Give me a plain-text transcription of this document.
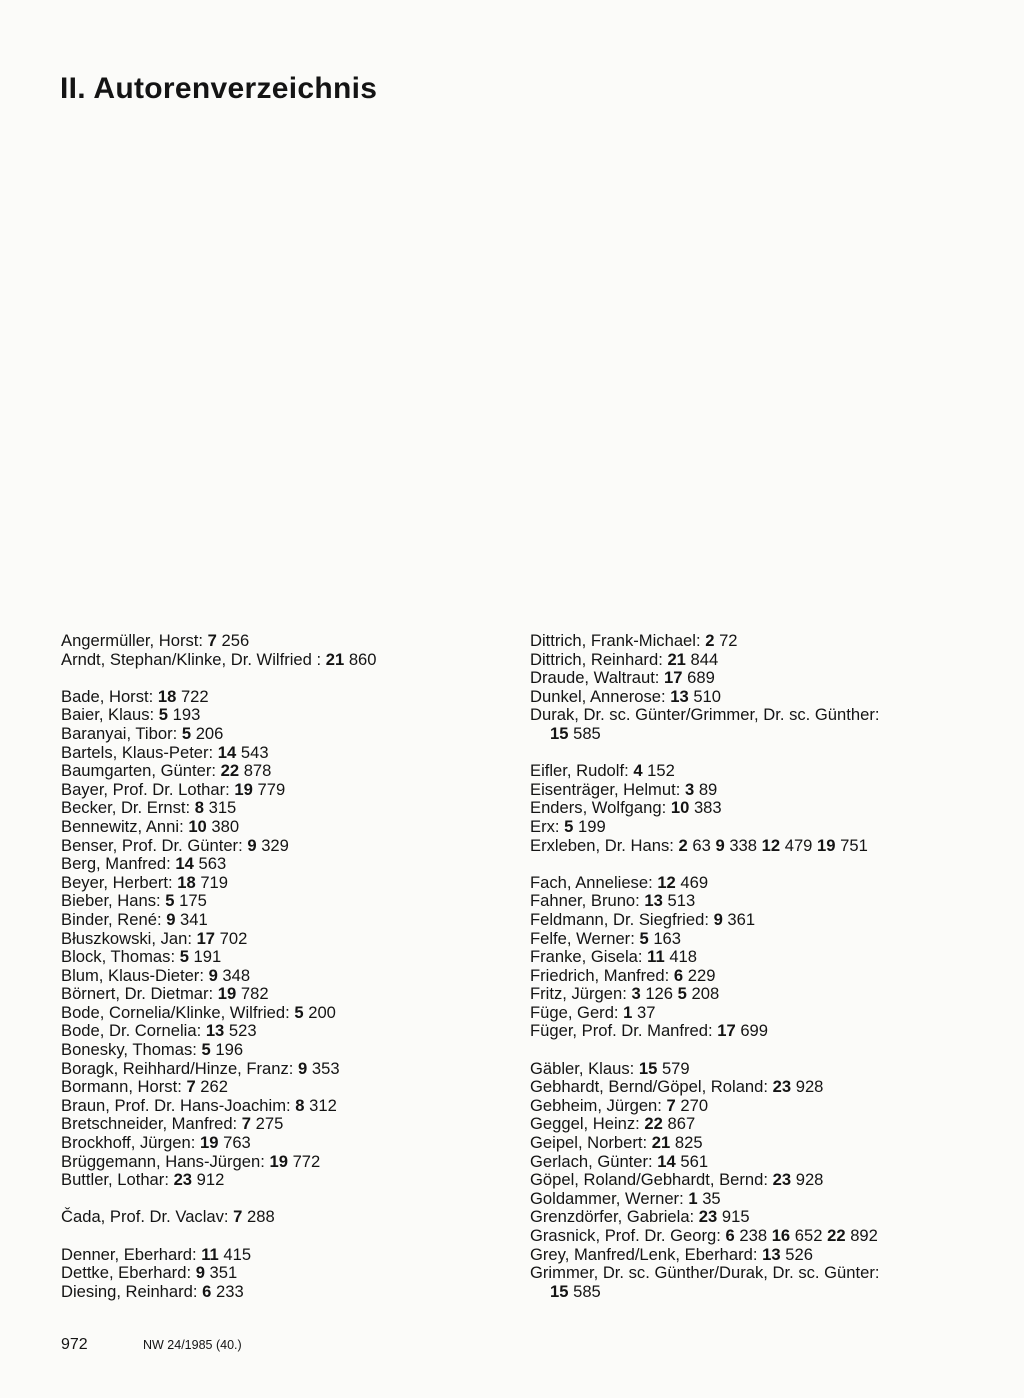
II. Autorenverzeichnis
Angermüller, Horst: 7 256
Arndt, Stephan/Klinke, Dr. Wilfried : 21 860
Bade, Horst: 18 722
Baier, Klaus: 5 193
Baranyai, Tibor: 5 206
Bartels, Klaus-Peter: 14 543
Baumgarten, Günter: 22 878
Bayer, Prof. Dr. Lothar: 19 779
Becker, Dr. Ernst: 8 315
Bennewitz, Anni: 10 380
Benser, Prof. Dr. Günter: 9 329
Berg, Manfred: 14 563
Beyer, Herbert: 18 719
Bieber, Hans: 5 175
Binder, René: 9 341
Błuszkowski, Jan: 17 702
Block, Thomas: 5 191
Blum, Klaus-Dieter: 9 348
Börnert, Dr. Dietmar: 19 782
Bode, Cornelia/Klinke, Wilfried: 5 200
Bode, Dr. Cornelia: 13 523
Bonesky, Thomas: 5 196
Boragk, Reihhard/Hinze, Franz: 9 353
Bormann, Horst: 7 262
Braun, Prof. Dr. Hans-Joachim: 8 312
Bretschneider, Manfred: 7 275
Brockhoff, Jürgen: 19 763
Brüggemann, Hans-Jürgen: 19 772
Buttler, Lothar: 23 912
Čada, Prof. Dr. Vaclav: 7 288
Denner, Eberhard: 11 415
Dettke, Eberhard: 9 351
Diesing, Reinhard: 6 233
Dittrich, Frank-Michael: 2 72
Dittrich, Reinhard: 21 844
Draude, Waltraut: 17 689
Dunkel, Annerose: 13 510
Durak, Dr. sc. Günter/Grimmer, Dr. sc. Günther:
15 585
Eifler, Rudolf: 4 152
Eisenträger, Helmut: 3 89
Enders, Wolfgang: 10 383
Erx: 5 199
Erxleben, Dr. Hans: 2 63 9 338 12 479 19 751
Fach, Anneliese: 12 469
Fahner, Bruno: 13 513
Feldmann, Dr. Siegfried: 9 361
Felfe, Werner: 5 163
Franke, Gisela: 11 418
Friedrich, Manfred: 6 229
Fritz, Jürgen: 3 126 5 208
Füge, Gerd: 1 37
Füger, Prof. Dr. Manfred: 17 699
Gäbler, Klaus: 15 579
Gebhardt, Bernd/Göpel, Roland: 23 928
Gebheim, Jürgen: 7 270
Geggel, Heinz: 22 867
Geipel, Norbert: 21 825
Gerlach, Günter: 14 561
Göpel, Roland/Gebhardt, Bernd: 23 928
Goldammer, Werner: 1 35
Grenzdörfer, Gabriela: 23 915
Grasnick, Prof. Dr. Georg: 6 238 16 652 22 892
Grey, Manfred/Lenk, Eberhard: 13 526
Grimmer, Dr. sc. Günther/Durak, Dr. sc. Günter:
15 585
972	NW 24/1985 (40.)
